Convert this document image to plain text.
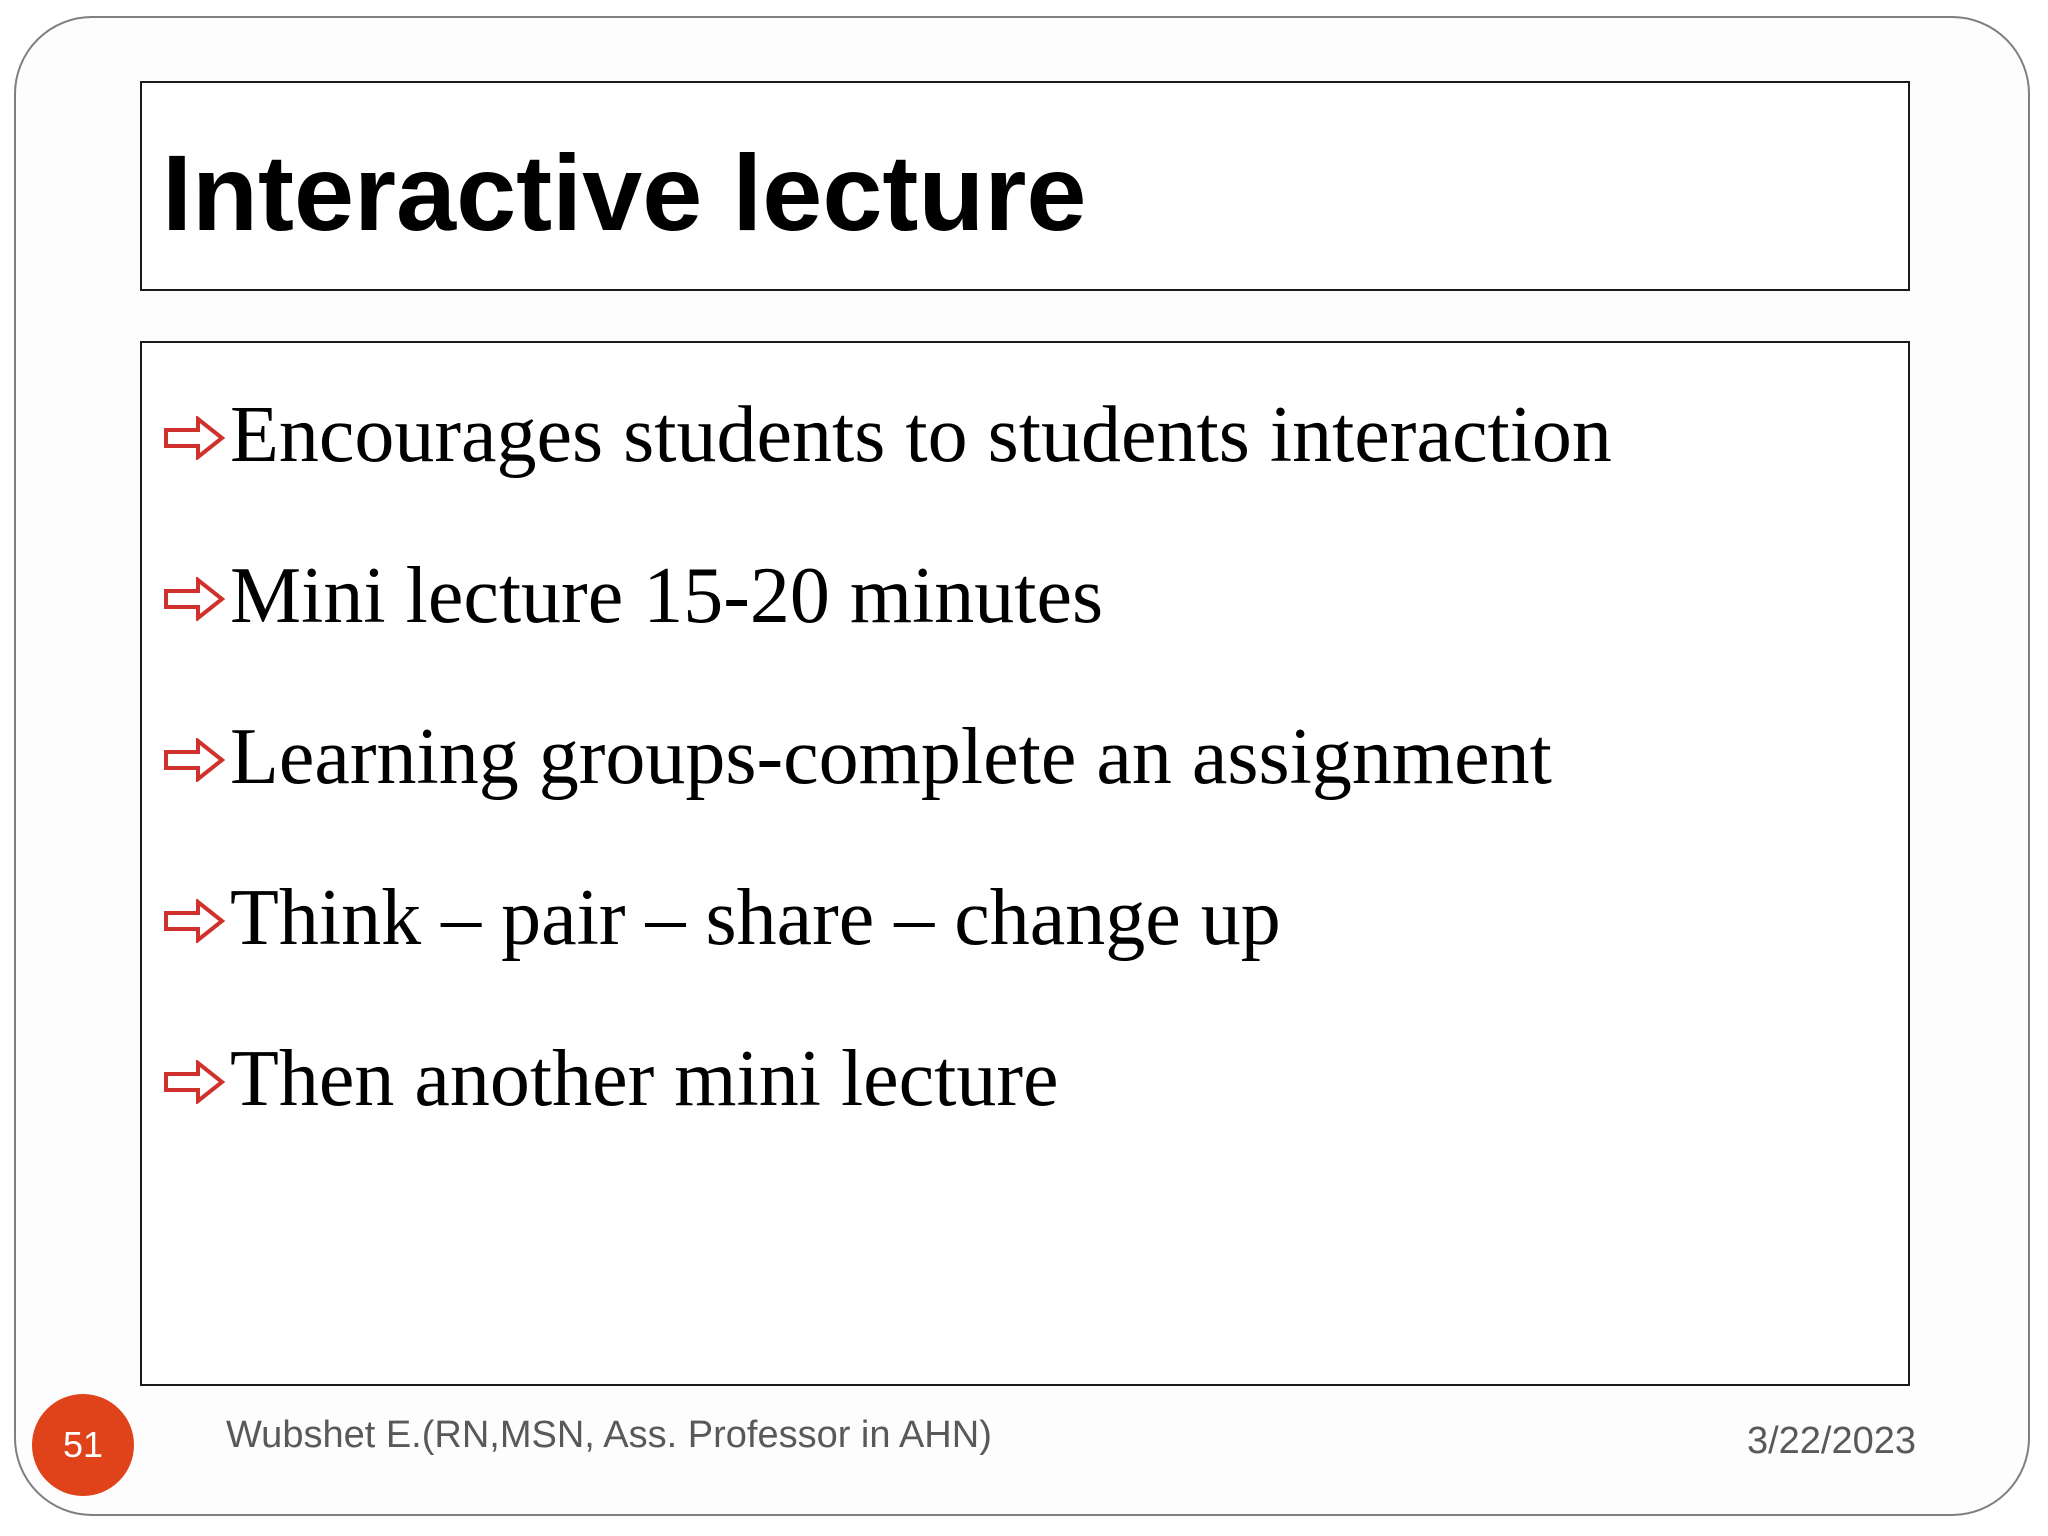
Interactive lecture
Encourages students to students interaction
Mini lecture 15-20 minutes
Learning groups-complete an assignment
Think – pair – share – change up
Then another mini lecture
51	Wubshet E.(RN,MSN, Ass. Professor in AHN)	3/22/2023
